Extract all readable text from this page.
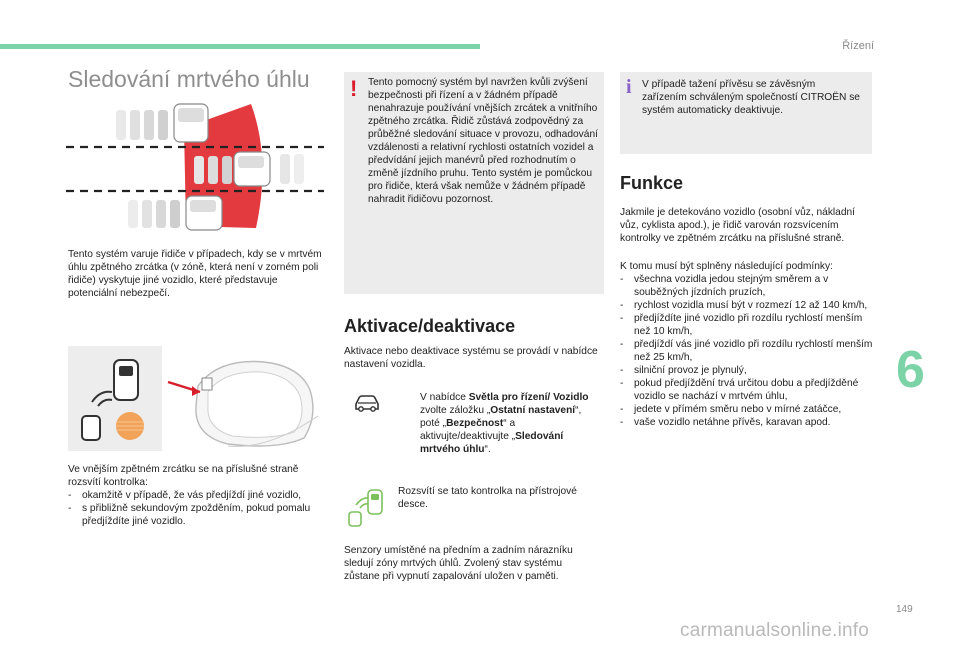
Řízení
Sledování mrtvého úhlu

Tento systém varuje řidiče v případech, kdy se v mrtvém úhlu zpětného zrcátka (v zóně, která není v zorném poli řidiče) vyskytuje jiné vozidlo, které představuje potenciální nebezpečí.

Ve vnějším zpětném zrcátku se na příslušné straně rozsvítí kontrolka:

- okamžitě v případě, že vás předjíždí jiné vozidlo,
- s přibližně sekundovým zpožděním, pokud pomalu předjíždíte jiné vozidlo.
! Tento pomocný systém byl navržen kvůli zvýšení bezpečnosti při řízení a v žádném případě nenahrazuje používání vnějších zrcátek a vnitřního zpětného zrcátka. Řidič zůstává zodpovědný za průběžné sledování situace v provozu, odhadování vzdálenosti a relativní rychlosti ostatních vozidel a předvídání jejich manévrů před rozhodnutím o změně jízdního pruhu. Tento systém je pomůckou pro řidiče, která však nemůže v žádném případě nahradit řidičovu pozornost.

Aktivace/deaktivace

Aktivace nebo deaktivace systému se provádí v nabídce nastavení vozidla.

V nabídce Světla pro řízení/ Vozidlo zvolte záložku „Ostatní nastavení“, poté „Bezpečnost“ a aktivujte/deaktivujte „Sledování mrtvého úhlu“.

Rozsvítí se tato kontrolka na přístrojové desce.

Senzory umístěné na předním a zadním nárazníku sledují zóny mrtvých úhlů. Zvolený stav systému zůstane při vypnutí zapalování uložen v paměti.

i V případě tažení přívěsu se závěsným zařízením schváleným společností CITROËN se systém automaticky deaktivuje.

Funkce

Jakmile je detekováno vozidlo (osobní vůz, nákladní vůz, cyklista apod.), je řidič varován rozsvícením kontrolky ve zpětném zrcátku na příslušné straně.

K tomu musí být splněny následující podmínky:

- všechna vozidla jedou stejným směrem a v souběžných jízdních pruzích,
- rychlost vozidla musí být v rozmezí 12 až 140 km/h,
- předjíždíte jiné vozidlo při rozdílu rychlostí menším než 10 km/h,
- předjíždí vás jiné vozidlo při rozdílu rychlostí menším než 25 km/h,
- silniční provoz je plynulý,
- pokud předjíždění trvá určitou dobu a předjížděné vozidlo se nachází v mrtvém úhlu,
- jedete v přímém směru nebo v mírné zatáčce,
- vaše vozidlo netáhne přívěs, karavan apod.
6
149
carmanualsonline.info
